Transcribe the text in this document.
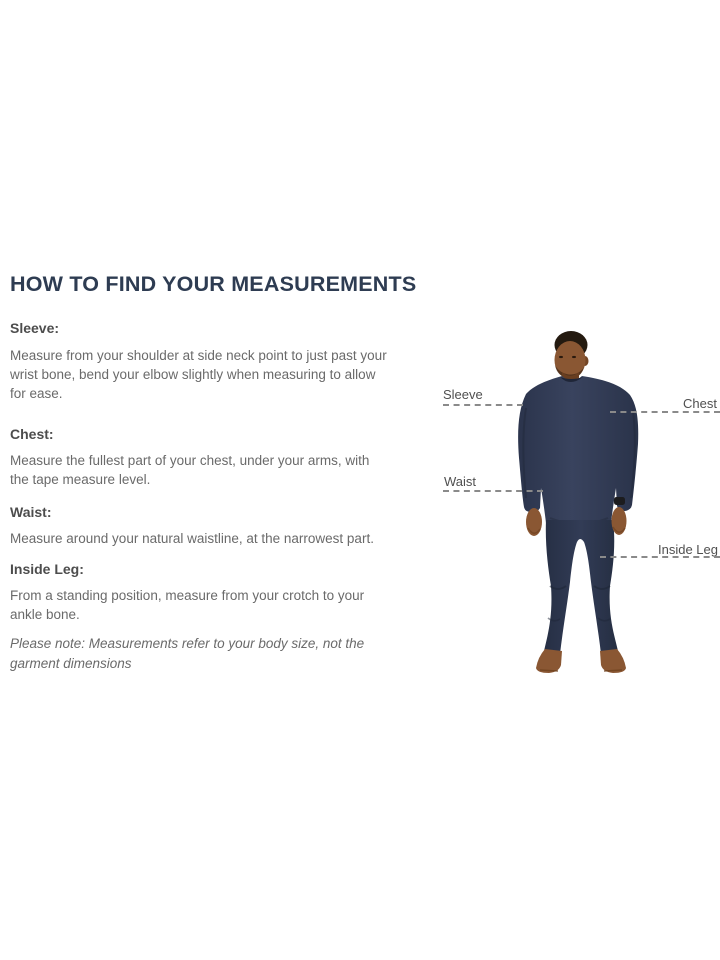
HOW TO FIND YOUR MEASUREMENTS
Sleeve:

Measure from your shoulder at side neck point to just past your
wrist bone, bend your elbow slightly when measuring to allow
for ease.

Chest:

Measure the fullest part of your chest, under your arms, with
the tape measure level.

Waist:

Measure around your natural waistline, at the narrowest part.

Inside Leg:

From a standing position, measure from your crotch to your
ankle bone.

Please note: Measurements refer to your body size, not the
garment dimensions

Sleeve
Chest
Waist
Inside Leg
